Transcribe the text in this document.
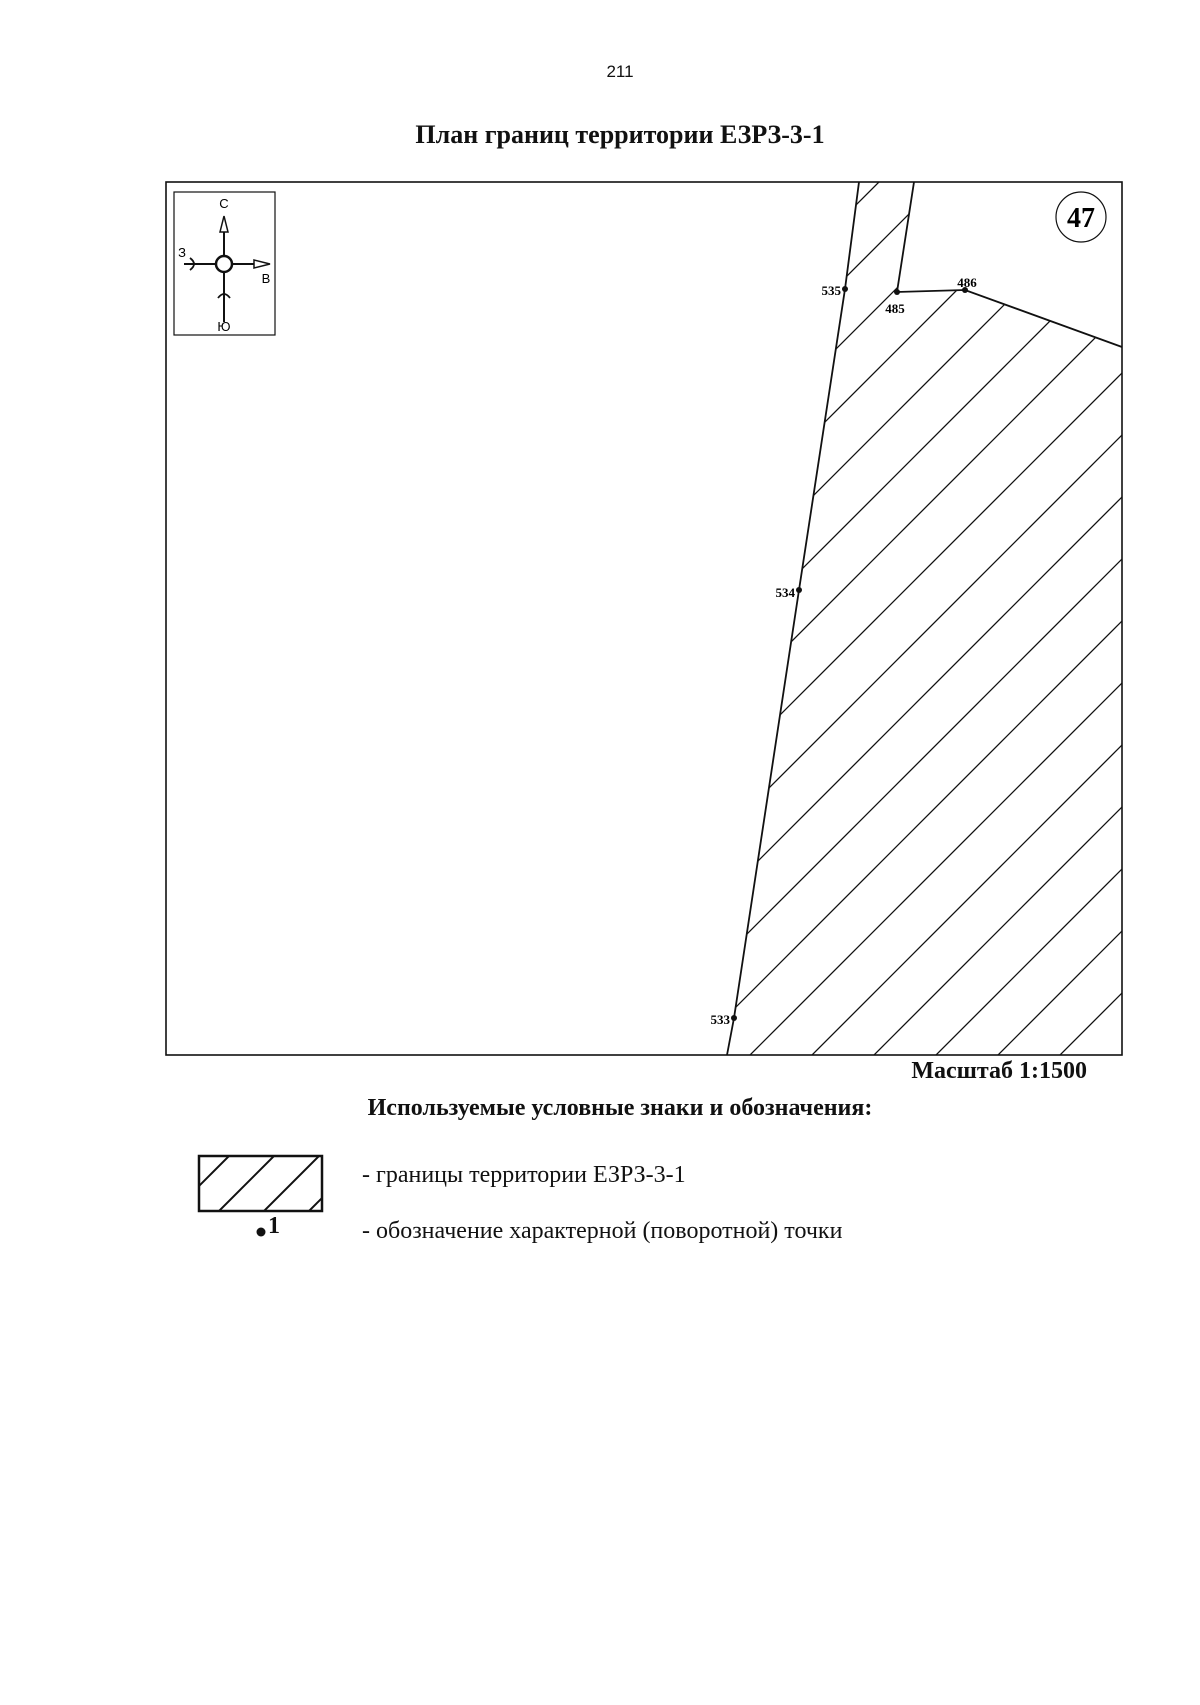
211
План границ территории ЕЗРЗ-3-1
С
Ю
З
В
47
535
485
486
534
533
Масштаб 1:1500
Используемые условные знаки и обозначения:
- границы территории ЕЗРЗ-3-1
1	- обозначение характерной (поворотной) точки
